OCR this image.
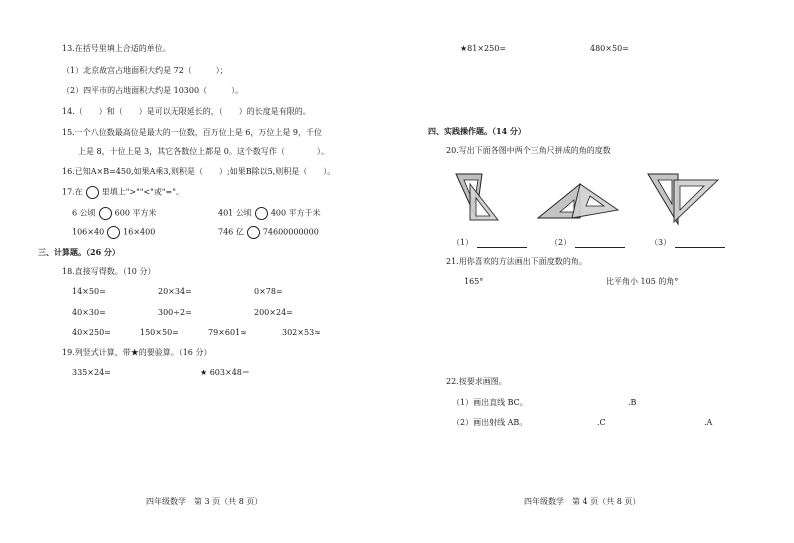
13.在括号里填上合适的单位。
（1）北京故宫占地面积大约是 72（　　　）；
（2）四平市的占地面积大约是 10300（　　　）。
14.（　　）和（　　）是可以无限延长的，（　　）的长度是有限的。
15.一个八位数最高位是最大的一位数，百万位上是 6，万位上是 9，千位
上是 8，十位上是 3，其它各数位上都是 0。这个数写作（　　　　）。
16.已知A×B=450,如果A乘3,则积是（　　）;如果B除以5,则积是（　　）。
17.在 里填上">""<"或"="。
6 公顷 600 平方米	401 公顷 400 平方千米
106×40 16×400	746 亿 74600000000
三、计算题。（26 分）
18.直接写得数。（10 分）
14×50=	20×34=	0×78=
40×30=	300÷2=	200×24=
40×250=	150×50=	79×601≈	302×53≈
19.列竖式计算，带★的要验算。（16 分）
335×24=	★ 603×48＝
四年级数学　第 3 页（共 8 页）
★81×250=	480×50=
四、实践操作题。（14 分）
20.写出下面各图中两个三角尺拼成的角的度数
（1）	（2）	（3）
21.用你喜欢的方法画出下面度数的角。
165°	比平角小 105 的角°
22.按要求画图。
（1）画出直线 BC。	.B
（2）画出射线 AB。	.C	.A
四年级数学　第 4 页（共 8 页）
